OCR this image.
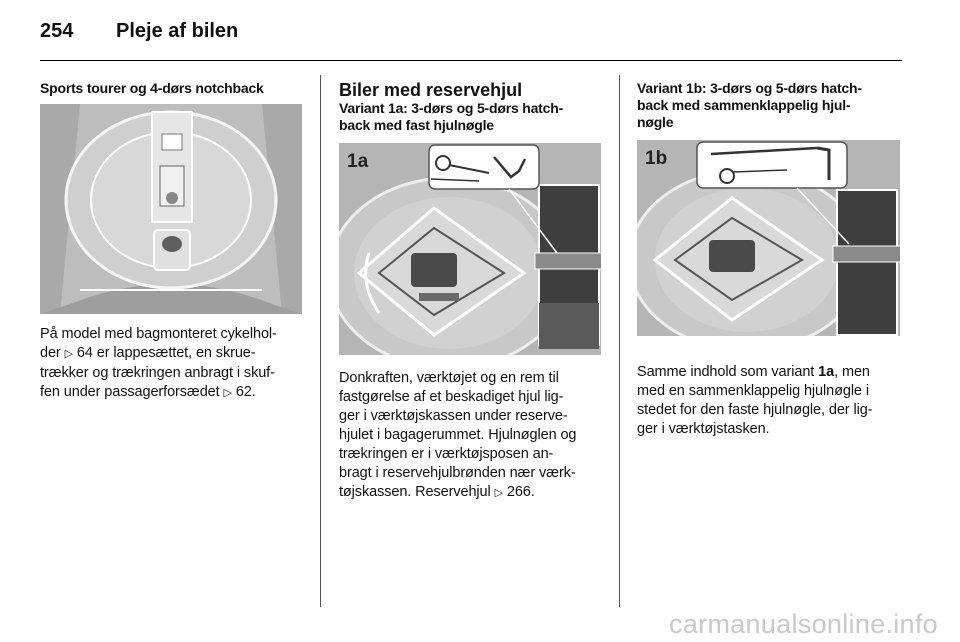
254 Pleje af bilen
Sports tourer og 4-dørs notchback
På model med bagmonteret cykelhol-
der ▷ 64 er lappesættet, en skrue-
trækker og trækringen anbragt i skuf-
fen under passagerforsædet ▷ 62.
Biler med reservehjul
Variant 1a: 3-dørs og 5-dørs hatch-
back med fast hjulnøgle
1a
Donkraften, værktøjet og en rem til
fastgørelse af et beskadiget hjul lig-
ger i værktøjskassen under reserve-
hjulet i bagagerummet. Hjulnøglen og
trækringen er i værktøjsposen an-
bragt i reservehjulbrønden nær værk-
tøjskassen. Reservehjul ▷ 266.
Variant 1b: 3-dørs og 5-dørs hatch-
back med sammenklappelig hjul-
nøgle
1b
Samme indhold som variant 1a, men
med en sammenklappelig hjulnøgle i
stedet for den faste hjulnøgle, der lig-
ger i værktøjstasken.
carmanualsonline.info
